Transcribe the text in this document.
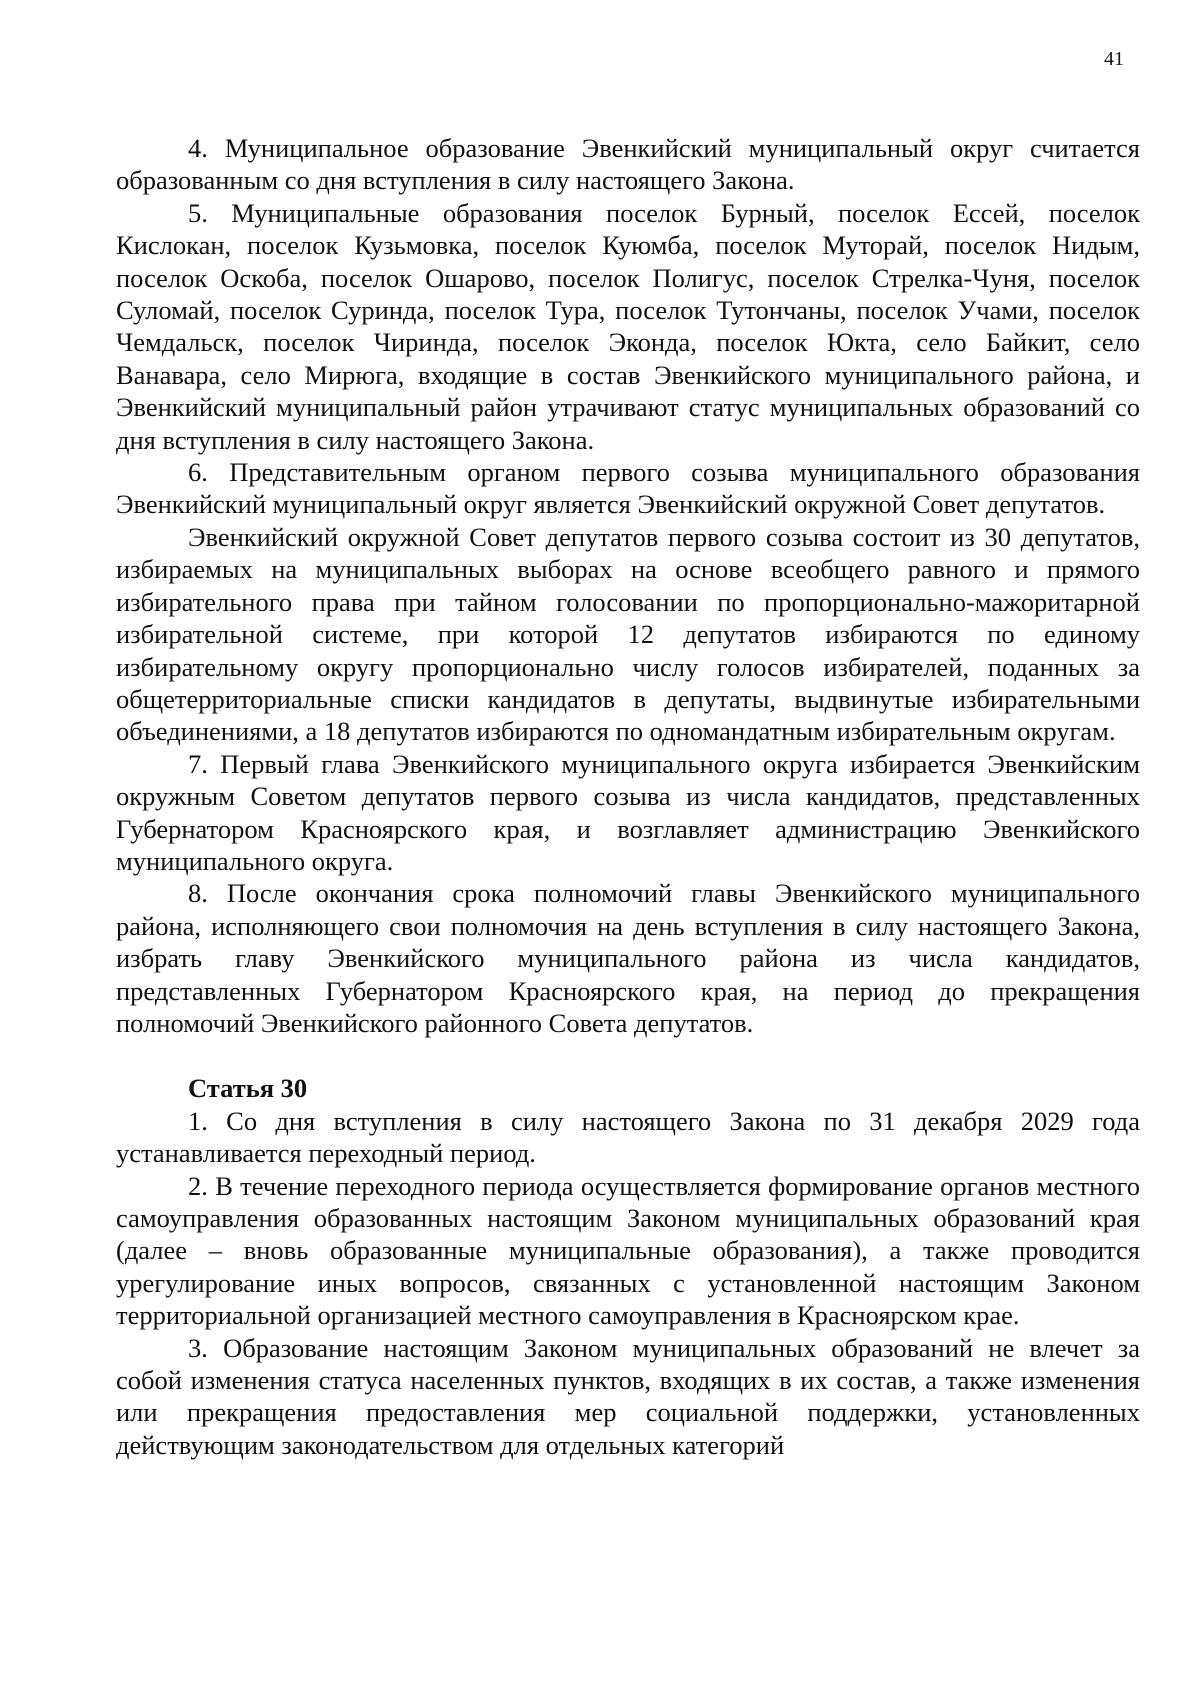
41

4. Муниципальное образование Эвенкийский муниципальный округ считается образованным со дня вступления в силу настоящего Закона.

5. Муниципальные образования поселок Бурный, поселок Ессей, поселок Кислокан, поселок Кузьмовка, поселок Куюмба, поселок Муторай, поселок Нидым, поселок Оскоба, поселок Ошарово, поселок Полигус, поселок Стрелка-Чуня, поселок Суломай, поселок Суринда, поселок Тура, поселок Тутончаны, поселок Учами, поселок Чемдальск, поселок Чиринда, поселок Эконда, поселок Юкта, село Байкит, село Ванавара, село Мирюга, входящие в состав Эвенкийского муниципального района, и Эвенкийский муниципальный район утрачивают статус муниципальных образований со дня вступления в силу настоящего Закона.

6. Представительным органом первого созыва муниципального образования Эвенкийский муниципальный округ является Эвенкийский окружной Совет депутатов.

Эвенкийский окружной Совет депутатов первого созыва состоит из 30 депутатов, избираемых на муниципальных выборах на основе всеобщего равного и прямого избирательного права при тайном голосовании по пропорционально-мажоритарной избирательной системе, при которой 12 депутатов избираются по единому избирательному округу пропорционально числу голосов избирателей, поданных за общетерриториальные списки кандидатов в депутаты, выдвинутые избирательными объединениями, а 18 депутатов избираются по одномандатным избирательным округам.

7. Первый глава Эвенкийского муниципального округа избирается Эвенкийским окружным Советом депутатов первого созыва из числа кандидатов, представленных Губернатором Красноярского края, и возглавляет администрацию Эвенкийского муниципального округа.

8. После окончания срока полномочий главы Эвенкийского муниципального района, исполняющего свои полномочия на день вступления в силу настоящего Закона, избрать главу Эвенкийского муниципального района из числа кандидатов, представленных Губернатором Красноярского края, на период до прекращения полномочий Эвенкийского районного Совета депутатов.

Статья 30

1. Со дня вступления в силу настоящего Закона по 31 декабря 2029 года устанавливается переходный период.

2. В течение переходного периода осуществляется формирование органов местного самоуправления образованных настоящим Законом муниципальных образований края (далее – вновь образованные муниципальные образования), а также проводится урегулирование иных вопросов, связанных с установленной настоящим Законом территориальной организацией местного самоуправления в Красноярском крае.

3. Образование настоящим Законом муниципальных образований не влечет за собой изменения статуса населенных пунктов, входящих в их состав, а также изменения или прекращения предоставления мер социальной поддержки, установленных действующим законодательством для отдельных категорий
